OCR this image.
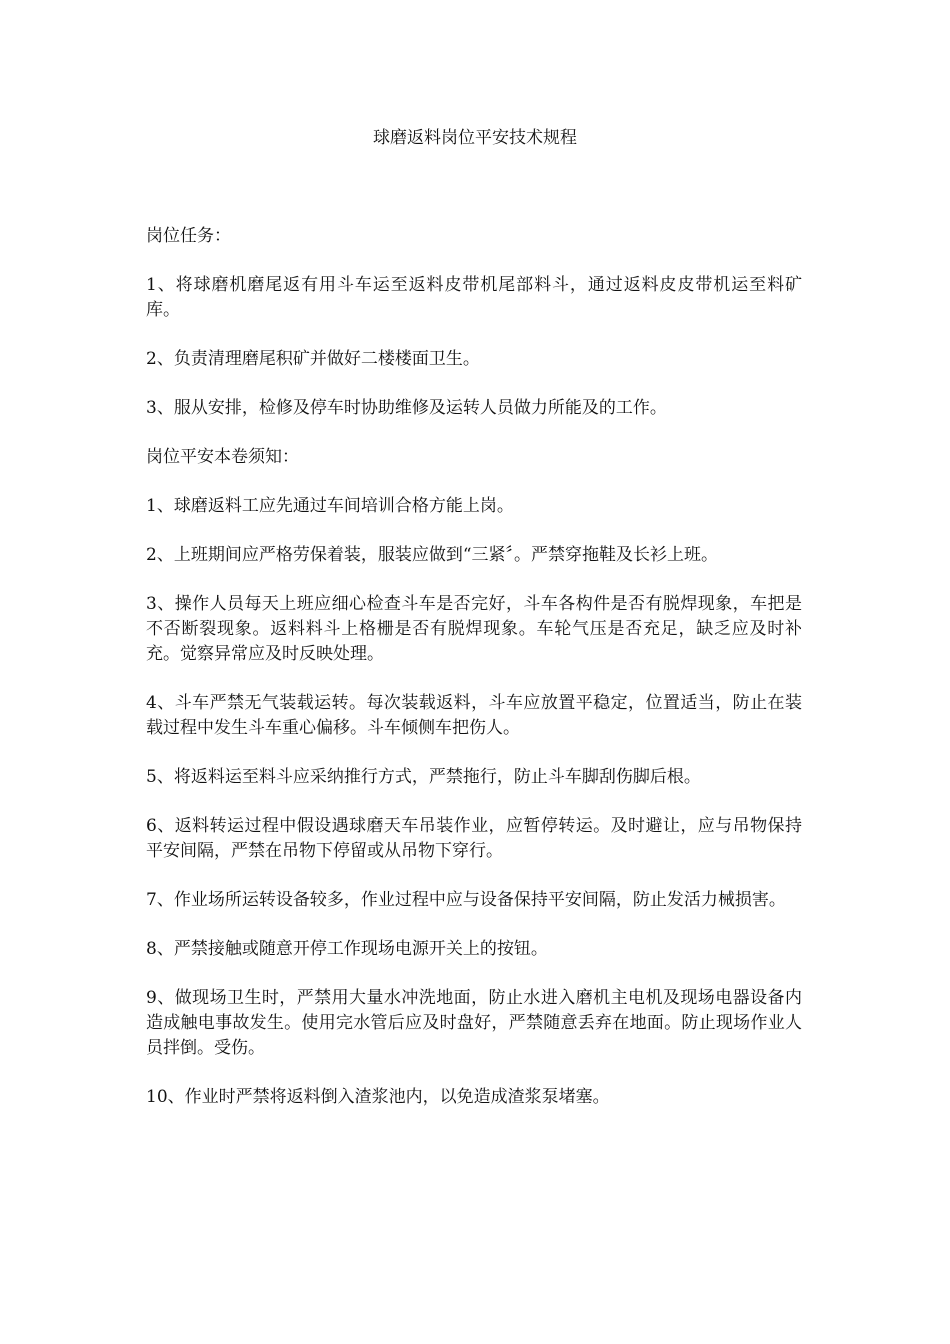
球磨返料岗位平安技术规程

岗位任务：

1、将球磨机磨尾返有用斗车运至返料皮带机尾部料斗，通过返料皮皮带机运至料矿库。

2、负责清理磨尾积矿并做好二楼楼面卫生。

3、服从安排，检修及停车时协助维修及运转人员做力所能及的工作。

岗位平安本卷须知：

1、球磨返料工应先通过车间培训合格方能上岗。

2、上班期间应严格劳保着装，服装应做到“三紧〞。严禁穿拖鞋及长衫上班。

3、操作人员每天上班应细心检查斗车是否完好，斗车各构件是否有脱焊现象，车把是不否断裂现象。返料料斗上格栅是否有脱焊现象。车轮气压是否充足，缺乏应及时补充。觉察异常应及时反映处理。

4、斗车严禁无气装载运转。每次装载返料，斗车应放置平稳定，位置适当，防止在装载过程中发生斗车重心偏移。斗车倾侧车把伤人。

5、将返料运至料斗应采纳推行方式，严禁拖行，防止斗车脚刮伤脚后根。

6、返料转运过程中假设遇球磨天车吊装作业，应暂停转运。及时避让，应与吊物保持平安间隔，严禁在吊物下停留或从吊物下穿行。

7、作业场所运转设备较多，作业过程中应与设备保持平安间隔，防止发活力械损害。

8、严禁接触或随意开停工作现场电源开关上的按钮。

9、做现场卫生时，严禁用大量水冲洗地面，防止水进入磨机主电机及现场电器设备内造成触电事故发生。使用完水管后应及时盘好，严禁随意丢弃在地面。防止现场作业人员拌倒。受伤。

10、作业时严禁将返料倒入渣浆池内，以免造成渣浆泵堵塞。
